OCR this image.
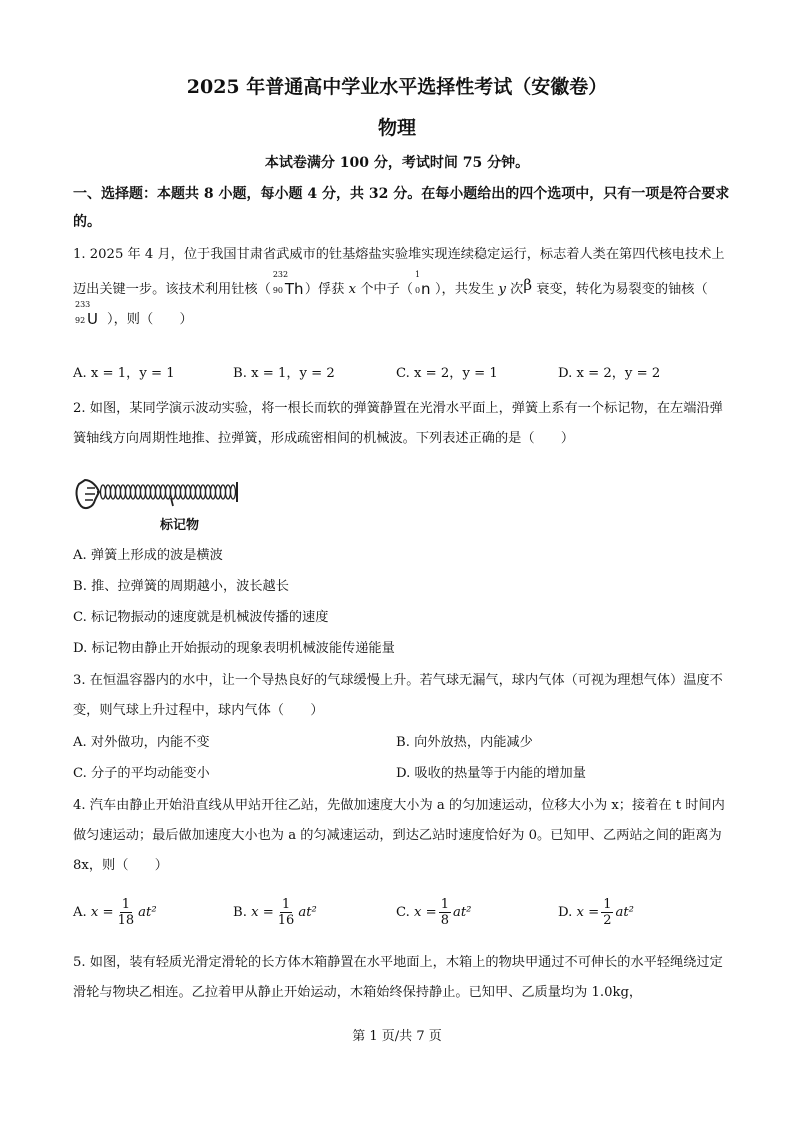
2025 年普通高中学业水平选择性考试（安徽卷）
物理
本试卷满分 100 分，考试时间 75 分钟。
一、选择题：本题共 8 小题，每小题 4 分，共 32 分。在每小题给出的四个选项中，只有一项是符合要求的。
1. 2025 年 4 月，位于我国甘肃省武威市的钍基熔盐实验堆实现连续稳定运行，标志着人类在第四代核电技术上迈出关键一步。该技术利用钍核（
232
90 Th ）俘获 x 个中子（
1
0 n ），共发生 y 次β 衰变，转化为易裂变的铀核（
233
92 U ），则（　　）
A. x = 1，y = 1	B. x = 1，y = 2	C. x = 2，y = 1	D. x = 2，y = 2
2. 如图，某同学演示波动实验，将一根长而软的弹簧静置在光滑水平面上，弹簧上系有一个标记物，在左端沿弹簧轴线方向周期性地推、拉弹簧，形成疏密相间的机械波。下列表述正确的是（　　）
标记物
A. 弹簧上形成的波是横波
B. 推、拉弹簧的周期越小，波长越长
C. 标记物振动的速度就是机械波传播的速度
D. 标记物由静止开始振动的现象表明机械波能传递能量
3. 在恒温容器内的水中，让一个导热良好的气球缓慢上升。若气球无漏气，球内气体（可视为理想气体）温度不变，则气球上升过程中，球内气体（　　）
A. 对外做功，内能不变	B. 向外放热，内能减少
C. 分子的平均动能变小	D. 吸收的热量等于内能的增加量
4. 汽车由静止开始沿直线从甲站开往乙站，先做加速度大小为 a 的匀加速运动，位移大小为 x；接着在 t 时间内做匀速运动；最后做加速度大小也为 a 的匀减速运动，到达乙站时速度恰好为 0。已知甲、乙两站之间的距离为 8x，则（　　）
A. $x = \frac{1}{18} at^2$	B. $x = \frac{1}{16} at^2$	C. $x = \frac{1}{8} at^2$	D. $x = \frac{1}{2} at^2$
5. 如图，装有轻质光滑定滑轮的长方体木箱静置在水平地面上，木箱上的物块甲通过不可伸长的水平轻绳绕过定滑轮与物块乙相连。乙拉着甲从静止开始运动，木箱始终保持静止。已知甲、乙质量均为 1.0kg，
第 1 页/共 7 页
